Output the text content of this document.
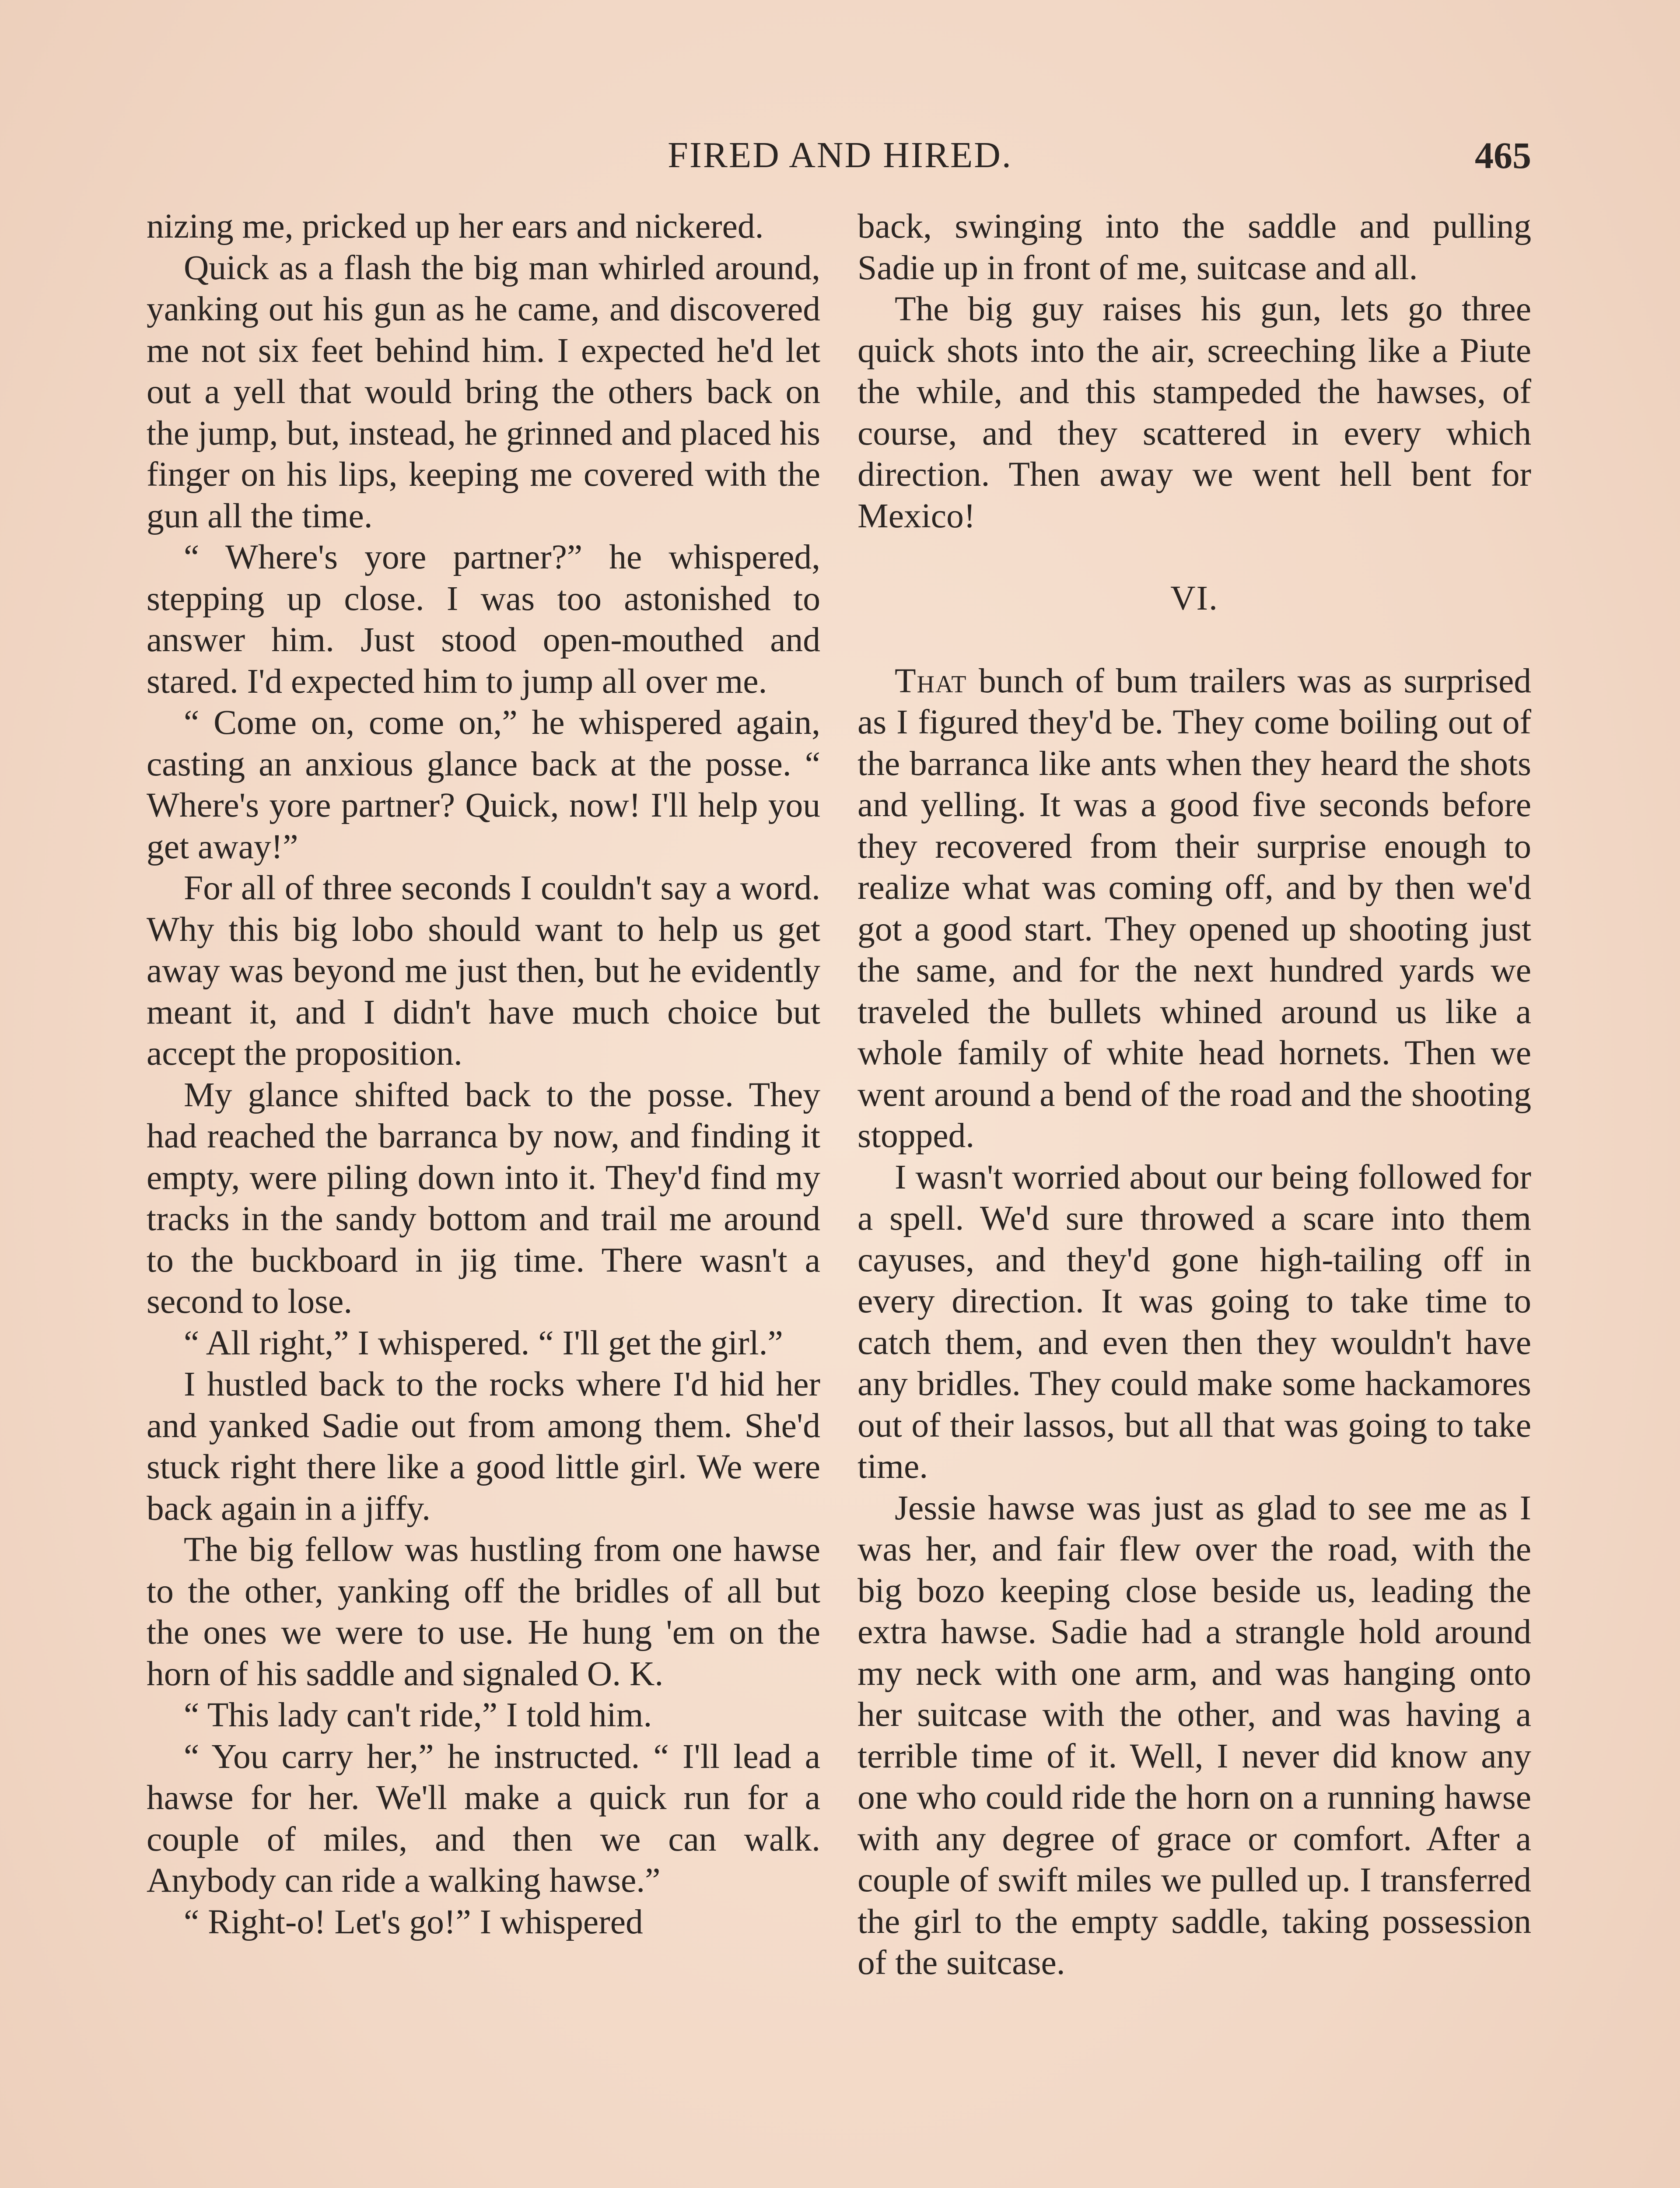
FIRED AND HIRED.	465

nizing me, pricked up her ears and nickered.

Quick as a flash the big man whirled around, yanking out his gun as he came, and discovered me not six feet behind him. I expected he'd let out a yell that would bring the others back on the jump, but, instead, he grinned and placed his finger on his lips, keeping me covered with the gun all the time.

“ Where's yore partner?” he whispered, stepping up close. I was too astonished to answer him. Just stood open-mouthed and stared. I'd expected him to jump all over me.

“ Come on, come on,” he whispered again, casting an anxious glance back at the posse. “ Where's yore partner? Quick, now! I'll help you get away!”

For all of three seconds I couldn't say a word. Why this big lobo should want to help us get away was beyond me just then, but he evidently meant it, and I didn't have much choice but accept the proposition.

My glance shifted back to the posse. They had reached the barranca by now, and finding it empty, were piling down into it. They'd find my tracks in the sandy bottom and trail me around to the buckboard in jig time. There wasn't a second to lose.

“ All right,” I whispered. “ I'll get the girl.”

I hustled back to the rocks where I'd hid her and yanked Sadie out from among them. She'd stuck right there like a good little girl. We were back again in a jiffy.

The big fellow was hustling from one hawse to the other, yanking off the bridles of all but the ones we were to use. He hung 'em on the horn of his saddle and signaled O. K.

“ This lady can't ride,” I told him.

“ You carry her,” he instructed. “ I'll lead a hawse for her. We'll make a quick run for a couple of miles, and then we can walk. Anybody can ride a walking hawse.”

“ Right-o! Let's go!” I whispered

back, swinging into the saddle and pulling Sadie up in front of me, suitcase and all.

The big guy raises his gun, lets go three quick shots into the air, screeching like a Piute the while, and this stampeded the hawses, of course, and they scattered in every which direction. Then away we went hell bent for Mexico!

VI.

That bunch of bum trailers was as surprised as I figured they'd be. They come boiling out of the barranca like ants when they heard the shots and yelling. It was a good five seconds before they recovered from their surprise enough to realize what was coming off, and by then we'd got a good start. They opened up shooting just the same, and for the next hundred yards we traveled the bullets whined around us like a whole family of white head hornets. Then we went around a bend of the road and the shooting stopped.

I wasn't worried about our being followed for a spell. We'd sure throwed a scare into them cayuses, and they'd gone high-tailing off in every direction. It was going to take time to catch them, and even then they wouldn't have any bridles. They could make some hackamores out of their lassos, but all that was going to take time.

Jessie hawse was just as glad to see me as I was her, and fair flew over the road, with the big bozo keeping close beside us, leading the extra hawse. Sadie had a strangle hold around my neck with one arm, and was hanging onto her suitcase with the other, and was having a terrible time of it. Well, I never did know any one who could ride the horn on a running hawse with any degree of grace or comfort. After a couple of swift miles we pulled up. I transferred the girl to the empty saddle, taking possession of the suitcase.
